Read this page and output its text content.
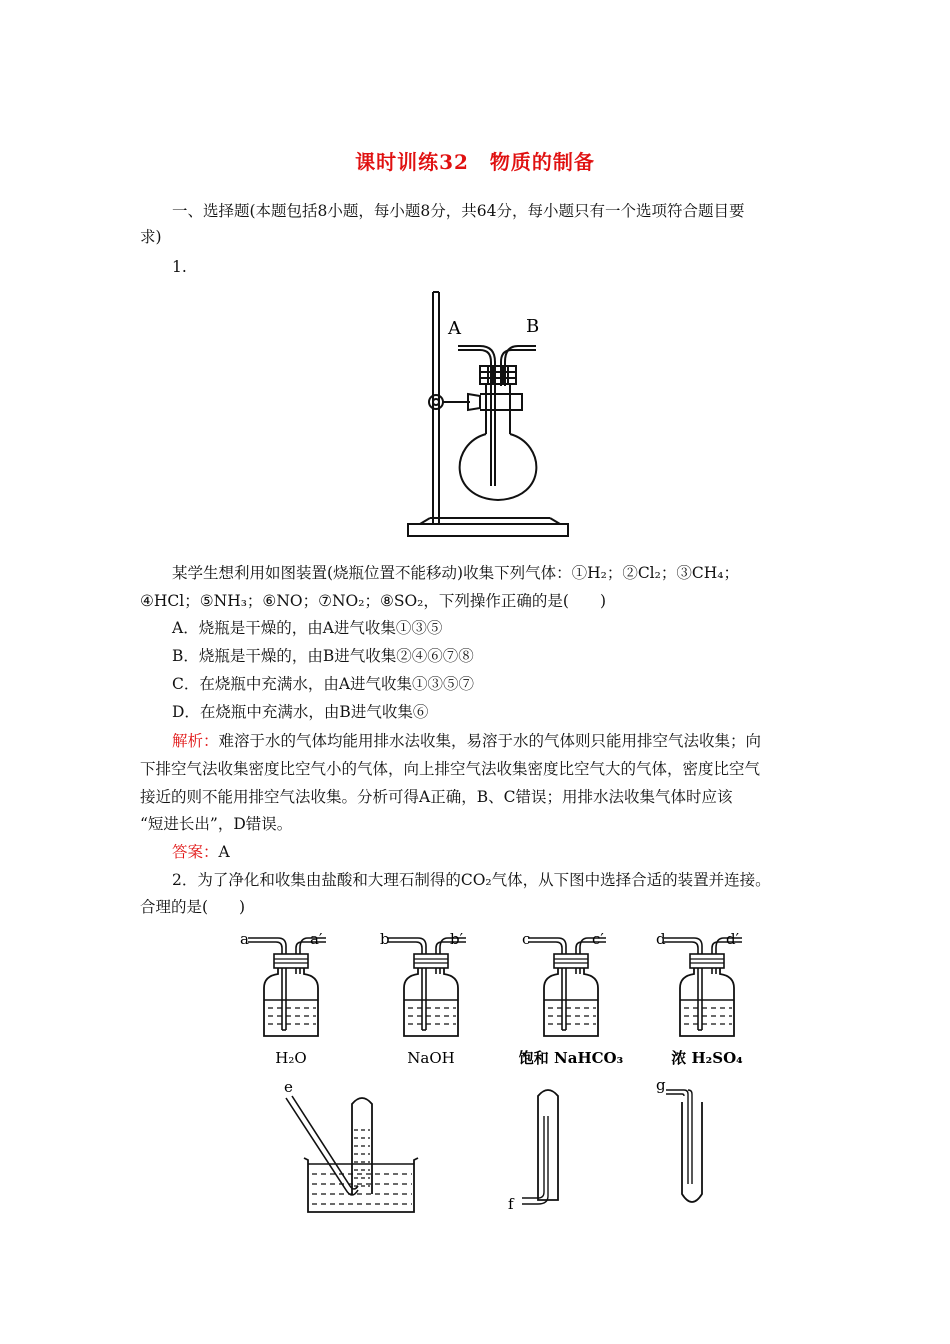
课时训练32　物质的制备
一、选择题(本题包括8小题，每小题8分，共64分，每小题只有一个选项符合题目要
求)
1.
A	B
某学生想利用如图装置(烧瓶位置不能移动)收集下列气体：①H₂；②Cl₂；③CH₄；
④HCl；⑤NH₃；⑥NO；⑦NO₂；⑧SO₂，下列操作正确的是(　　)
A．烧瓶是干燥的，由A进气收集①③⑤
B．烧瓶是干燥的，由B进气收集②④⑥⑦⑧
C．在烧瓶中充满水，由A进气收集①③⑤⑦
D．在烧瓶中充满水，由B进气收集⑥
解析：难溶于水的气体均能用排水法收集，易溶于水的气体则只能用排空气法收集；向
下排空气法收集密度比空气小的气体，向上排空气法收集密度比空气大的气体，密度比空气
接近的则不能用排空气法收集。分析可得A正确，B、C错误；用排水法收集气体时应该
“短进长出”，D错误。
答案：A
2．为了净化和收集由盐酸和大理石制得的CO₂气体，从下图中选择合适的装置并连接。
合理的是(　　)
a	a′
H₂O
b	b′
NaOH
c	c′
饱和 NaHCO₃
d	d′
浓 H₂SO₄
e
f
g
